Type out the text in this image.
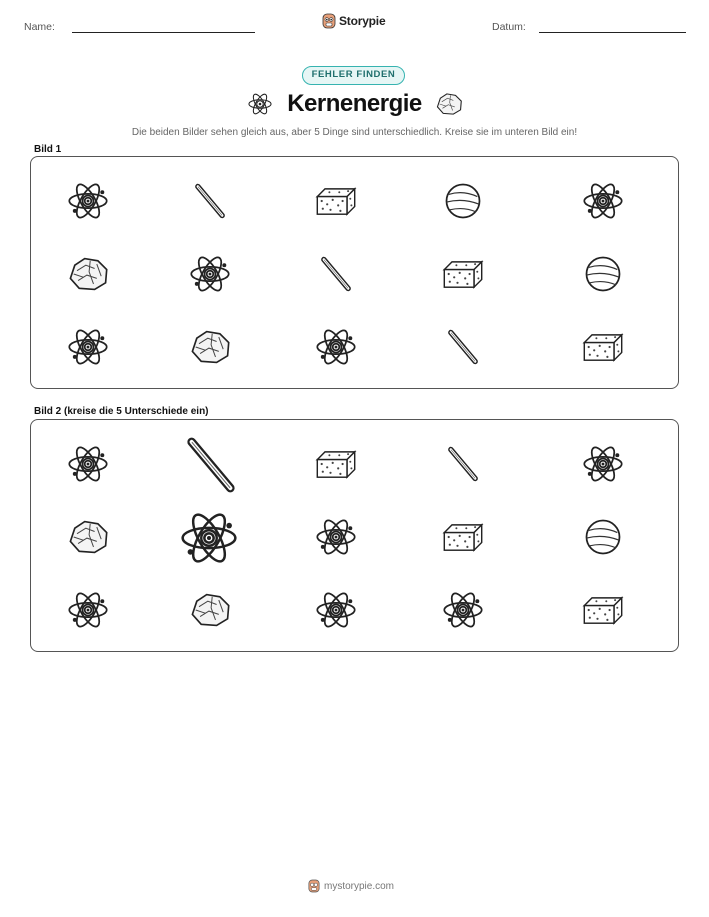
Name:	Storypie	Datum:
FEHLER FINDEN
Kernenergie
Die beiden Bilder sehen gleich aus, aber 5 Dinge sind unterschiedlich. Kreise sie im unteren Bild ein!
Bild 1
Bild 2 (kreise die 5 Unterschiede ein)
mystorypie.com
